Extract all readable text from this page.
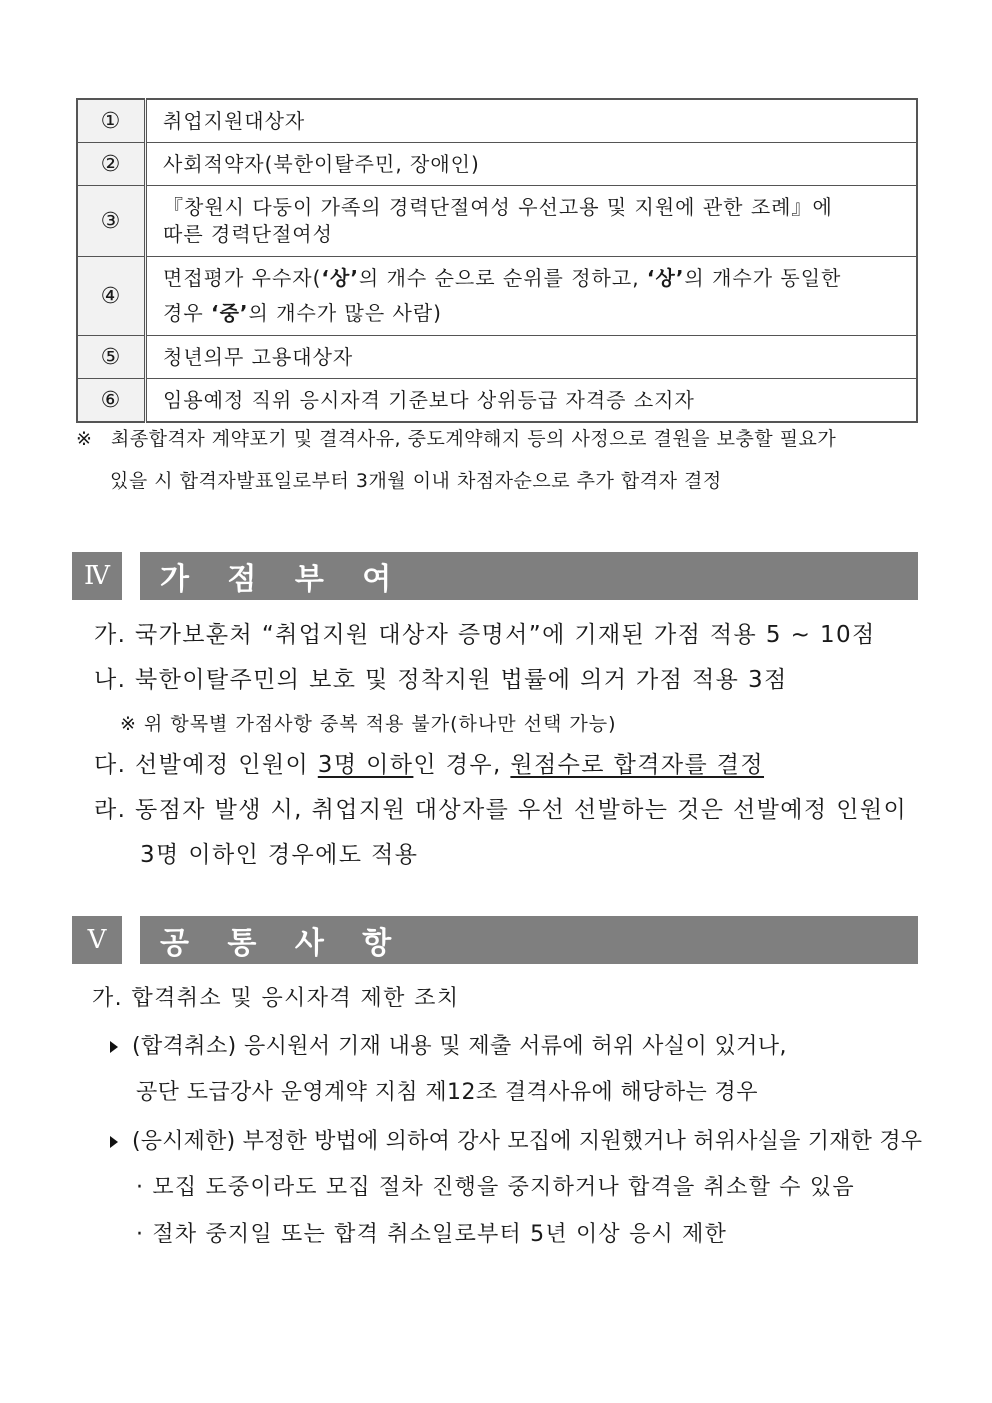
①	취업지원대상자
②	사회적약자(북한이탈주민, 장애인)
③	『창원시 다둥이 가족의 경력단절여성 우선고용 및 지원에 관한 조례』에
따른 경력단절여성

④	면접평가 우수자(‘상’의 개수 순으로 순위를 정하고, ‘상’의 개수가 동일한
경우 ‘중’의 개수가 많은 사람)

⑤	청년의무 고용대상자
⑥	임용예정 직위 응시자격 기준보다 상위등급 자격증 소지자
※ 최종합격자 계약포기 및 결격사유, 중도계약해지 등의 사정으로 결원을 보충할 필요가
있을 시 합격자발표일로부터 3개월 이내 차점자순으로 추가 합격자 결정
Ⅳ	가 점 부 여
가. 국가보훈처 “취업지원 대상자 증명서”에 기재된 가점 적용 5 ~ 10점
나. 북한이탈주민의 보호 및 정착지원 법률에 의거 가점 적용 3점
※ 위 항목별 가점사항 중복 적용 불가(하나만 선택 가능)
다. 선발예정 인원이 3명 이하인 경우, 원점수로 합격자를 결정
라. 동점자 발생 시, 취업지원 대상자를 우선 선발하는 것은 선발예정 인원이
3명 이하인 경우에도 적용
Ⅴ	공 통 사 항
가. 합격취소 및 응시자격 제한 조치
(합격취소) 응시원서 기재 내용 및 제출 서류에 허위 사실이 있거나,
공단 도급강사 운영계약 지침 제12조 결격사유에 해당하는 경우
(응시제한) 부정한 방법에 의하여 강사 모집에 지원했거나 허위사실을 기재한 경우
· 모집 도중이라도 모집 절차 진행을 중지하거나 합격을 취소할 수 있음
· 절차 중지일 또는 합격 취소일로부터 5년 이상 응시 제한
